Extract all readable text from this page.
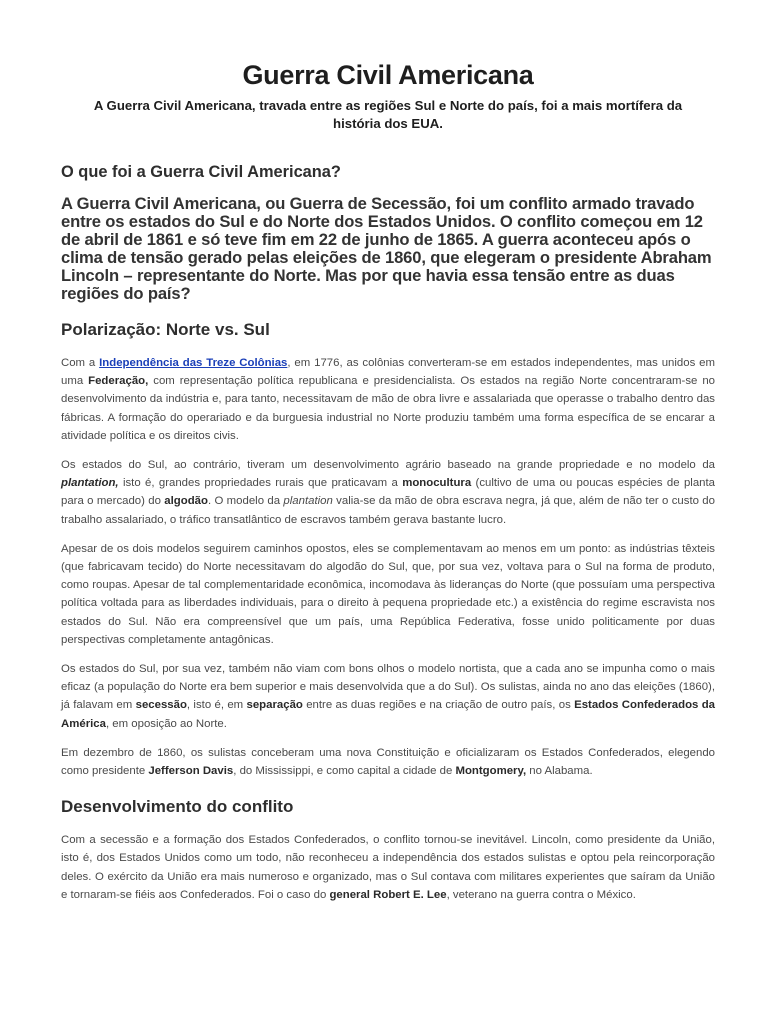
Guerra Civil Americana
A Guerra Civil Americana, travada entre as regiões Sul e Norte do país, foi a mais mortífera da história dos EUA.
O que foi a Guerra Civil Americana?

A Guerra Civil Americana, ou Guerra de Secessão, foi um conflito armado travado entre os estados do Sul e do Norte dos Estados Unidos. O conflito começou em 12 de abril de 1861 e só teve fim em 22 de junho de 1865. A guerra aconteceu após o clima de tensão gerado pelas eleições de 1860, que elegeram o presidente Abraham Lincoln – representante do Norte. Mas por que havia essa tensão entre as duas regiões do país?

Polarização: Norte vs. Sul

Com a Independência das Treze Colônias, em 1776, as colônias converteram-se em estados independentes, mas unidos em uma Federação, com representação política republicana e presidencialista. Os estados na região Norte concentraram-se no desenvolvimento da indústria e, para tanto, necessitavam de mão de obra livre e assalariada que operasse o trabalho dentro das fábricas. A formação do operariado e da burguesia industrial no Norte produziu também uma forma específica de se encarar a atividade política e os direitos civis.

Os estados do Sul, ao contrário, tiveram um desenvolvimento agrário baseado na grande propriedade e no modelo da plantation, isto é, grandes propriedades rurais que praticavam a monocultura (cultivo de uma ou poucas espécies de planta para o mercado) do algodão. O modelo da plantation valia-se da mão de obra escrava negra, já que, além de não ter o custo do trabalho assalariado, o tráfico transatlântico de escravos também gerava bastante lucro.

Apesar de os dois modelos seguirem caminhos opostos, eles se complementavam ao menos em um ponto: as indústrias têxteis (que fabricavam tecido) do Norte necessitavam do algodão do Sul, que, por sua vez, voltava para o Sul na forma de produto, como roupas. Apesar de tal complementaridade econômica, incomodava às lideranças do Norte (que possuíam uma perspectiva política voltada para as liberdades individuais, para o direito à pequena propriedade etc.) a existência do regime escravista nos estados do Sul. Não era compreensível que um país, uma República Federativa, fosse unido politicamente por duas perspectivas completamente antagônicas.

Os estados do Sul, por sua vez, também não viam com bons olhos o modelo nortista, que a cada ano se impunha como o mais eficaz (a população do Norte era bem superior e mais desenvolvida que a do Sul). Os sulistas, ainda no ano das eleições (1860), já falavam em secessão, isto é, em separação entre as duas regiões e na criação de outro país, os Estados Confederados da América, em oposição ao Norte.

Em dezembro de 1860, os sulistas conceberam uma nova Constituição e oficializaram os Estados Confederados, elegendo como presidente Jefferson Davis, do Mississippi, e como capital a cidade de Montgomery, no Alabama.

Desenvolvimento do conflito

Com a secessão e a formação dos Estados Confederados, o conflito tornou-se inevitável. Lincoln, como presidente da União, isto é, dos Estados Unidos como um todo, não reconheceu a independência dos estados sulistas e optou pela reincorporação deles. O exército da União era mais numeroso e organizado, mas o Sul contava com militares experientes que saíram da União e tornaram-se fiéis aos Confederados. Foi o caso do general Robert E. Lee, veterano na guerra contra o México.
